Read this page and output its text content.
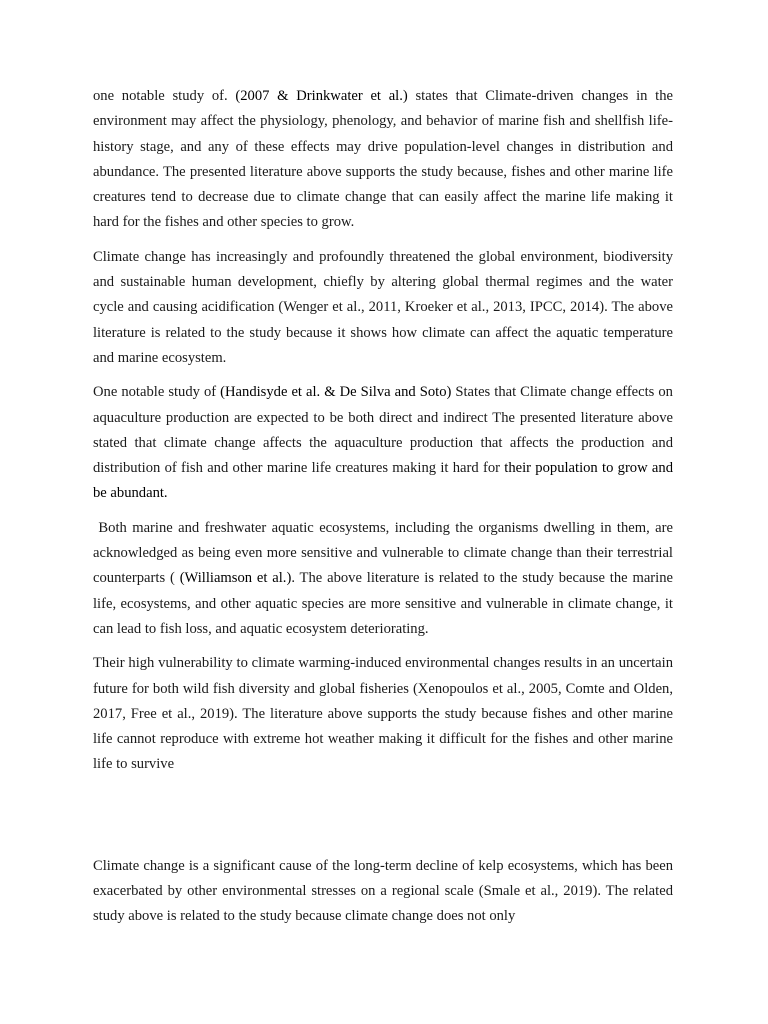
one notable study of. (2007 & Drinkwater et al.) states that Climate-driven changes in the environment may affect the physiology, phenology, and behavior of marine fish and shellfish life-history stage, and any of these effects may drive population-level changes in distribution and abundance. The presented literature above supports the study because, fishes and other marine life creatures tend to decrease due to climate change that can easily affect the marine life making it hard for the fishes and other species to grow.

Climate change has increasingly and profoundly threatened the global environment, biodiversity and sustainable human development, chiefly by altering global thermal regimes and the water cycle and causing acidification (Wenger et al., 2011, Kroeker et al., 2013, IPCC, 2014). The above literature is related to the study because it shows how climate can affect the aquatic temperature and marine ecosystem.

One notable study of (Handisyde et al. & De Silva and Soto) States that Climate change effects on aquaculture production are expected to be both direct and indirect The presented literature above stated that climate change affects the aquaculture production that affects the production and distribution of fish and other marine life creatures making it hard for their population to grow and be abundant.

Both marine and freshwater aquatic ecosystems, including the organisms dwelling in them, are acknowledged as being even more sensitive and vulnerable to climate change than their terrestrial counterparts ( (Williamson et al.). The above literature is related to the study because the marine life, ecosystems, and other aquatic species are more sensitive and vulnerable in climate change, it can lead to fish loss, and aquatic ecosystem deteriorating.

Their high vulnerability to climate warming-induced environmental changes results in an uncertain future for both wild fish diversity and global fisheries (Xenopoulos et al., 2005, Comte and Olden, 2017, Free et al., 2019). The literature above supports the study because fishes and other marine life cannot reproduce with extreme hot weather making it difficult for the fishes and other marine life to survive

Climate change is a significant cause of the long-term decline of kelp ecosystems, which has been exacerbated by other environmental stresses on a regional scale (Smale et al., 2019). The related study above is related to the study because climate change does not only
